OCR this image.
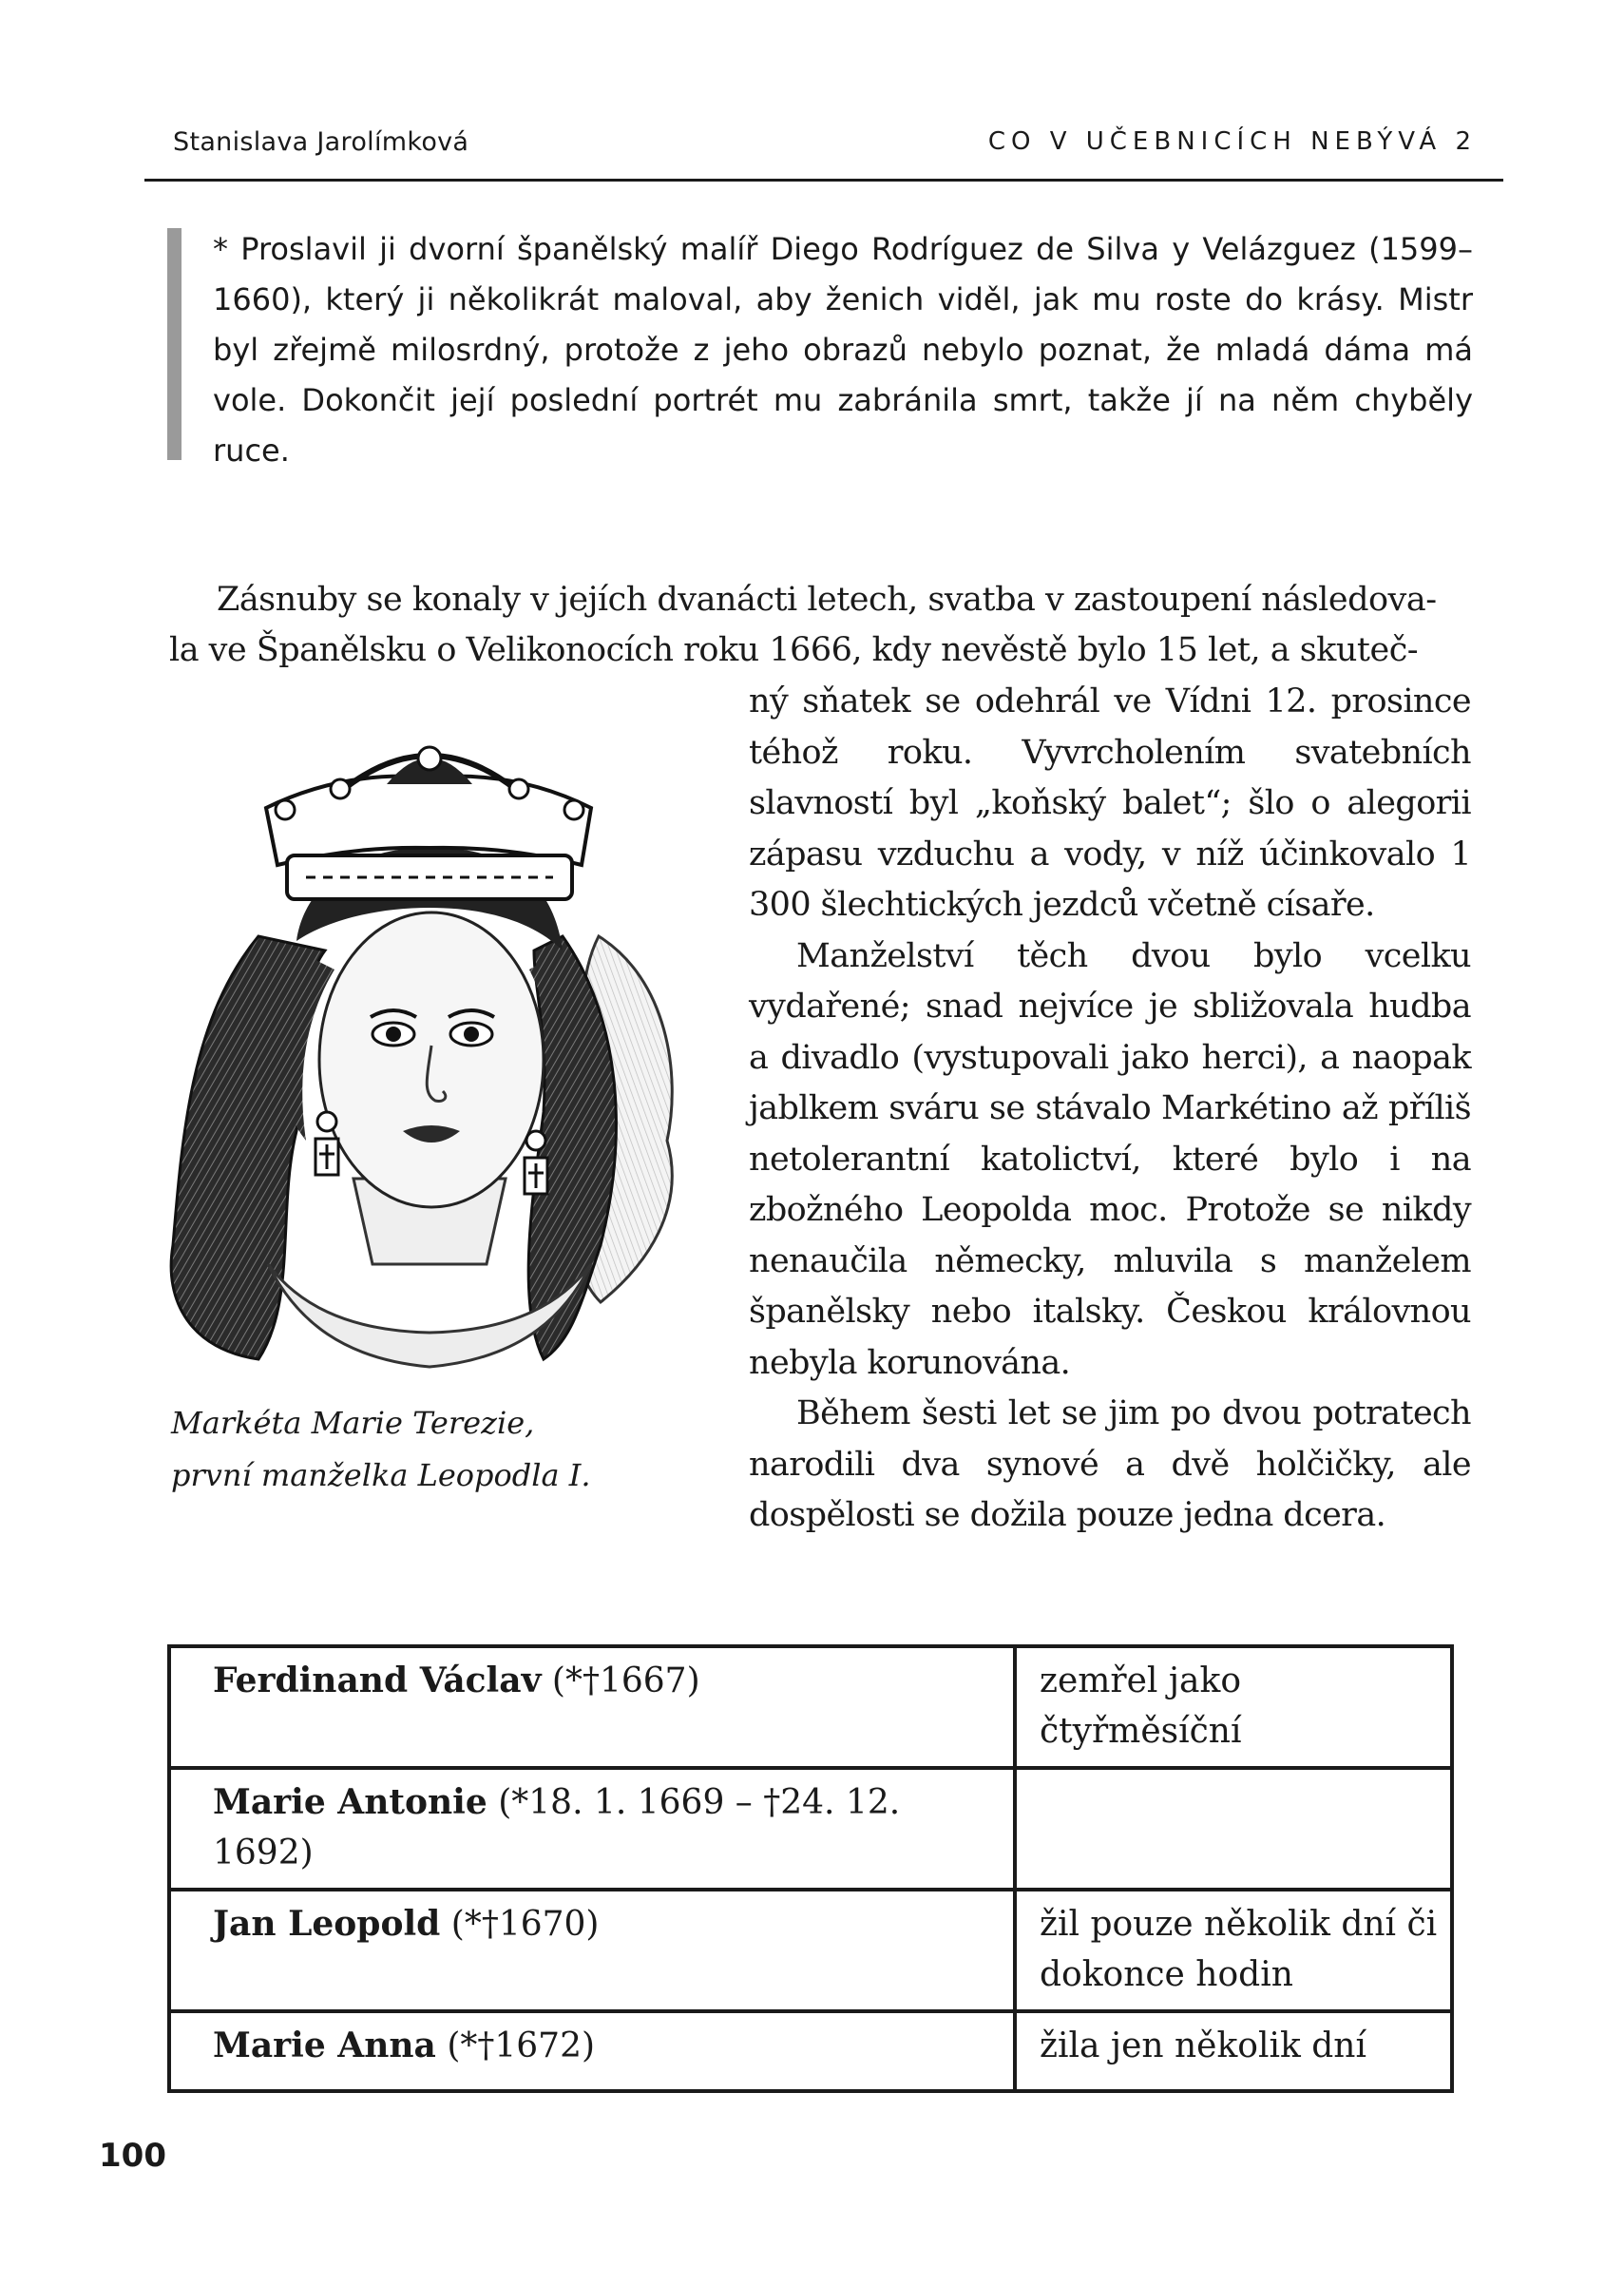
Stanislava Jarolímková	CO V UČEBNICÍCH NEBÝVÁ 2

* Proslavil ji dvorní španělský malíř Diego Rodríguez de Silva y Velázguez (1599–1660), který ji několikrát maloval, aby ženich viděl, jak mu roste do krásy. Mistr byl zřejmě milosrdný, protože z jeho obrazů nebylo poznat, že mladá dáma má vole. Dokončit její poslední portrét mu zabránila smrt, takže jí na něm chyběly ruce.

Zásnuby se konaly v jejích dvanácti letech, svatba v zastoupení následova-
la ve Španělsku o Velikonocích roku 1666, kdy nevěstě bylo 15 let, a skuteč-

ný sňatek se odehrál ve Vídni 12. prosince téhož roku. Vyvrcholením svatebních slavností byl „koňský balet“; šlo o alegorii zápasu vzduchu a vody, v níž účinkovalo 1 300 šlechtických jezdců včetně císaře.

Manželství těch dvou bylo vcelku vydařené; snad nejvíce je sbližovala hudba a divadlo (vystupovali jako herci), a naopak jablkem sváru se stávalo Markétino až příliš netolerantní katolictví, které bylo i na zbožného Leopolda moc. Protože se nikdy nenaučila německy, mluvila s manželem španělsky nebo italsky. Českou královnou nebyla korunována.

Během šesti let se jim po dvou potratech narodili dva synové a dvě holčičky, ale dospělosti se dožila pouze jedna dcera.

Markéta Marie Terezie,
první manželka Leopodla I.
Ferdinand Václav (*†1667)	zemřel jako čtyřměsíční
Marie Antonie (*18. 1. 1669 – †24. 12. 1692)	
Jan Leopold (*†1670)	žil pouze několik dní či dokonce hodin
Marie Anna (*†1672)	žila jen několik dní
100
